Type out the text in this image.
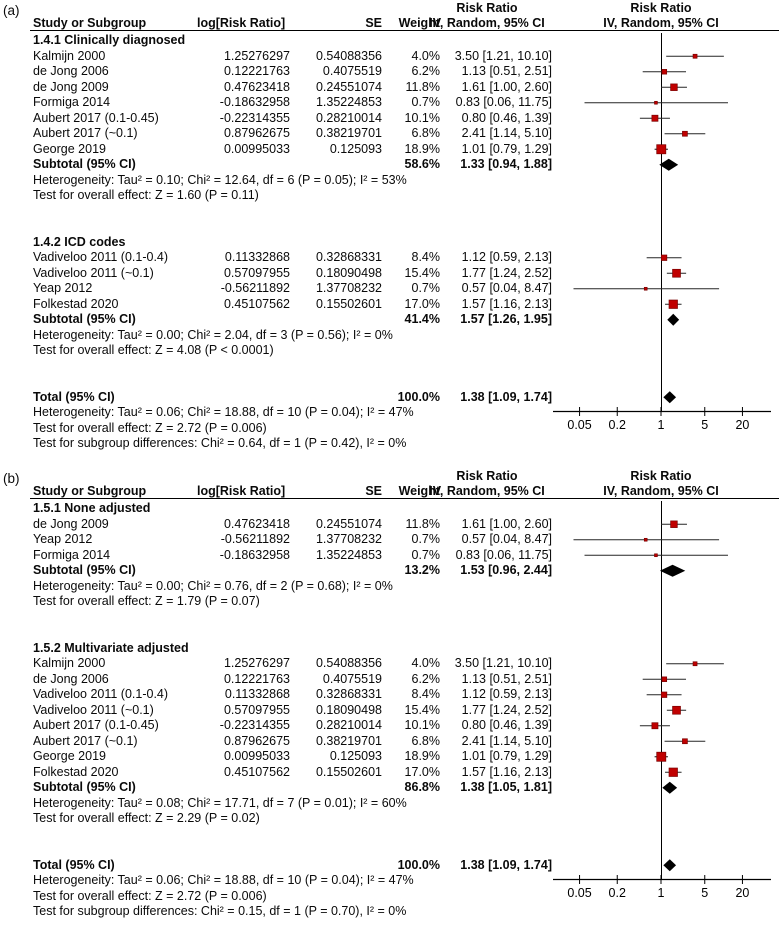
(a)	Risk Ratio	Risk Ratio
Study or Subgroup	log[Risk Ratio]	SE	Weight
IV, Random, 95% CI	IV, Random, 95% CI
1.4.1 Clinically diagnosed
Kalmijn 2000	1.25276297	0.54088356	4.0%	3.50 [1.21, 10.10]
de Jong 2006	0.12221763	0.4075519	6.2%	1.13 [0.51, 2.51]
de Jong 2009	0.47623418	0.24551074	11.8%	1.61 [1.00, 2.60]
Formiga 2014	-0.18632958	1.35224853	0.7%	0.83 [0.06, 11.75]
Aubert 2017 (0.1-0.45)	-0.22314355	0.28210014	10.1%	0.80 [0.46, 1.39]
Aubert 2017 (~0.1)	0.87962675	0.38219701	6.8%	2.41 [1.14, 5.10]
George 2019	0.00995033	0.125093	18.9%	1.01 [0.79, 1.29]
Subtotal (95% CI)	58.6%	1.33 [0.94, 1.88]
Heterogeneity: Tau² = 0.10; Chi² = 12.64, df = 6 (P = 0.05); I² = 53%
Test for overall effect: Z = 1.60 (P = 0.11)
1.4.2 ICD codes
Vadiveloo 2011 (0.1-0.4)	0.11332868	0.32868331	8.4%	1.12 [0.59, 2.13]
Vadiveloo 2011 (~0.1)	0.57097955	0.18090498	15.4%	1.77 [1.24, 2.52]
Yeap 2012	-0.56211892	1.37708232	0.7%	0.57 [0.04, 8.47]
Folkestad 2020	0.45107562	0.15502601	17.0%	1.57 [1.16, 2.13]
Subtotal (95% CI)	41.4%	1.57 [1.26, 1.95]
Heterogeneity: Tau² = 0.00; Chi² = 2.04, df = 3 (P = 0.56); I² = 0%
Test for overall effect: Z = 4.08 (P < 0.0001)
Total (95% CI)	100.0%	1.38 [1.09, 1.74]
Heterogeneity: Tau² = 0.06; Chi² = 18.88, df = 10 (P = 0.04); I² = 47%
Test for overall effect: Z = 2.72 (P = 0.006)
Test for subgroup differences: Chi² = 0.64, df = 1 (P = 0.42), I² = 0%
0.05 0.2	1	5 20
(b)	Risk Ratio	Risk Ratio
Study or Subgroup	log[Risk Ratio]	SE	Weight
IV, Random, 95% CI	IV, Random, 95% CI
1.5.1 None adjusted
de Jong 2009	0.47623418	0.24551074	11.8%	1.61 [1.00, 2.60]
Yeap 2012	-0.56211892	1.37708232	0.7%	0.57 [0.04, 8.47]
Formiga 2014	-0.18632958	1.35224853	0.7%	0.83 [0.06, 11.75]
Subtotal (95% CI)	13.2%	1.53 [0.96, 2.44]
Heterogeneity: Tau² = 0.00; Chi² = 0.76, df = 2 (P = 0.68); I² = 0%
Test for overall effect: Z = 1.79 (P = 0.07)
1.5.2 Multivariate adjusted
Kalmijn 2000	1.25276297	0.54088356	4.0%	3.50 [1.21, 10.10]
de Jong 2006	0.12221763	0.4075519	6.2%	1.13 [0.51, 2.51]
Vadiveloo 2011 (0.1-0.4)	0.11332868	0.32868331	8.4%	1.12 [0.59, 2.13]
Vadiveloo 2011 (~0.1)	0.57097955	0.18090498	15.4%	1.77 [1.24, 2.52]
Aubert 2017 (0.1-0.45)	-0.22314355	0.28210014	10.1%	0.80 [0.46, 1.39]
Aubert 2017 (~0.1)	0.87962675	0.38219701	6.8%	2.41 [1.14, 5.10]
George 2019	0.00995033	0.125093	18.9%	1.01 [0.79, 1.29]
Folkestad 2020	0.45107562	0.15502601	17.0%	1.57 [1.16, 2.13]
Subtotal (95% CI)	86.8%	1.38 [1.05, 1.81]
Heterogeneity: Tau² = 0.08; Chi² = 17.71, df = 7 (P = 0.01); I² = 60%
Test for overall effect: Z = 2.29 (P = 0.02)
Total (95% CI)	100.0%	1.38 [1.09, 1.74]
Heterogeneity: Tau² = 0.06; Chi² = 18.88, df = 10 (P = 0.04); I² = 47%
Test for overall effect: Z = 2.72 (P = 0.006)
Test for subgroup differences: Chi² = 0.15, df = 1 (P = 0.70), I² = 0%
0.05 0.2	1	5 20
